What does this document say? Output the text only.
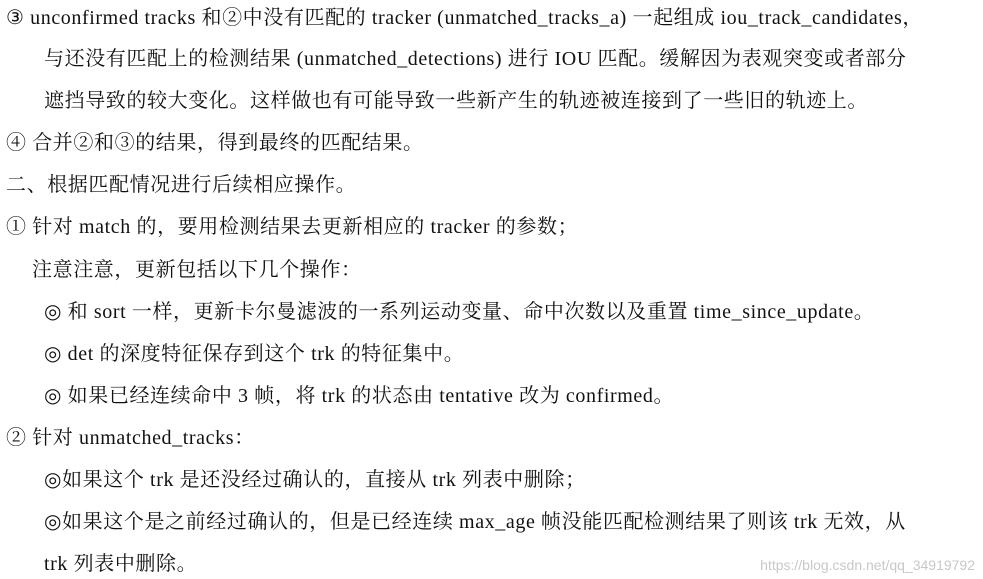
③ unconfirmed tracks 和②中没有匹配的 tracker (unmatched_tracks_a) 一起组成 iou_track_candidates，
与还没有匹配上的检测结果 (unmatched_detections) 进行 IOU 匹配。缓解因为表观突变或者部分
遮挡导致的较大变化。这样做也有可能导致一些新产生的轨迹被连接到了一些旧的轨迹上。
④ 合并②和③的结果，得到最终的匹配结果。
二、根据匹配情况进行后续相应操作。
① 针对 match 的，要用检测结果去更新相应的 tracker 的参数；
注意注意，更新包括以下几个操作：
◎ 和 sort 一样，更新卡尔曼滤波的一系列运动变量、命中次数以及重置 time_since_update。
◎ det 的深度特征保存到这个 trk 的特征集中。
◎ 如果已经连续命中 3 帧，将 trk 的状态由 tentative 改为 confirmed。
② 针对 unmatched_tracks：
◎如果这个 trk 是还没经过确认的，直接从 trk 列表中删除；
◎如果这个是之前经过确认的，但是已经连续 max_age 帧没能匹配检测结果了则该 trk 无效，从
trk 列表中删除。	https://blog.csdn.net/qq_34919792
